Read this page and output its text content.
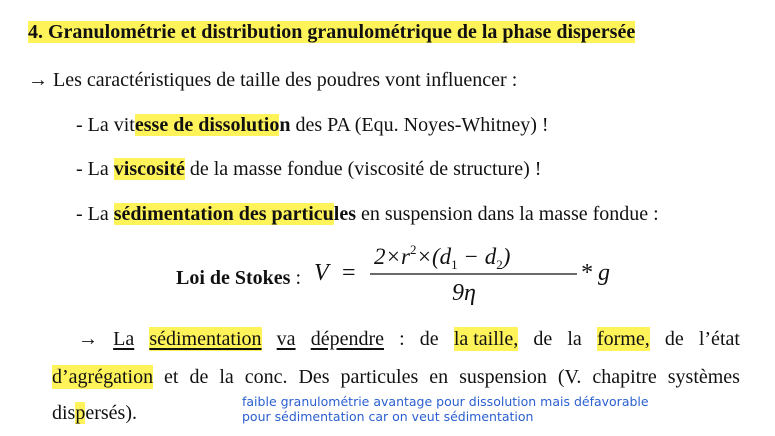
4. Granulométrie et distribution granulométrique de la phase dispersée
→ Les caractéristiques de taille des poudres vont influencer :
- La vitesse de dissolution des PA (Equ. Noyes-Whitney) !
- La viscosité de la masse fondue (viscosité de structure) !
- La sédimentation des particules en suspension dans la masse fondue :
Loi de Stokes : V =
$2\times r^2\times(d_1 - d_2)$
9η
* g
→ La sédimentation va dépendre : de la taille, de la forme, de l’état
d’agrégation et de la conc. Des particules en suspension (V. chapitre systèmes
dispersés).
faible granulométrie avantage pour dissolution mais défavorable
pour sédimentation car on veut sédimentation
